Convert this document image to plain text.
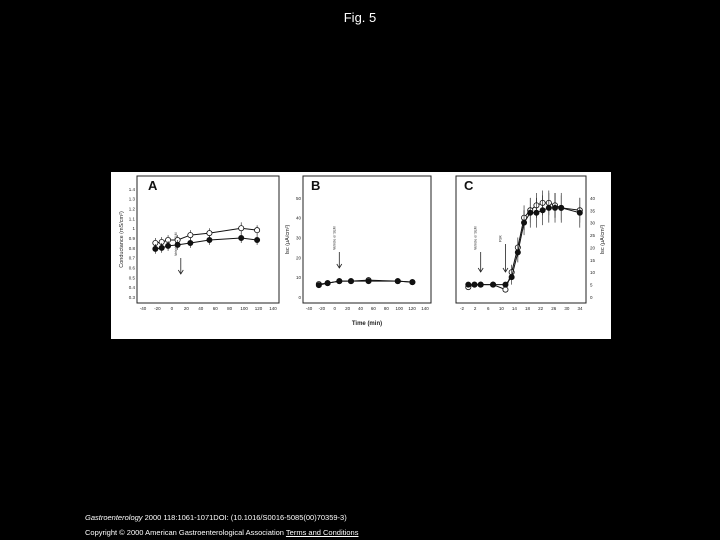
Fig. 5
A
1.4
1.3
1.2
1.1
1
0.9
0.8
0.7
0.6
0.5
0.4
0.3
-40 -20 0 20 40 60 80 100 120 140
Conductance (mS/cm²)
B
0
10
20
30
40
50
-40 -20 0 20 40 60 80 100 120 140
Isc (μA/cm²)
Time (min)
Vehicle or SLM
C
0
5
10
15
20
25
30
35
40
-2 2 6 10 14 18 22 26 30 34
Isc (μA/cm²)
Vehicle or SLM	FSK
Gastroenterology 2000 118:1061-1071DOI: (10.1016/S0016-5085(00)70359-3)
Copyright © 2000 American Gastroenterological Association Terms and Conditions
